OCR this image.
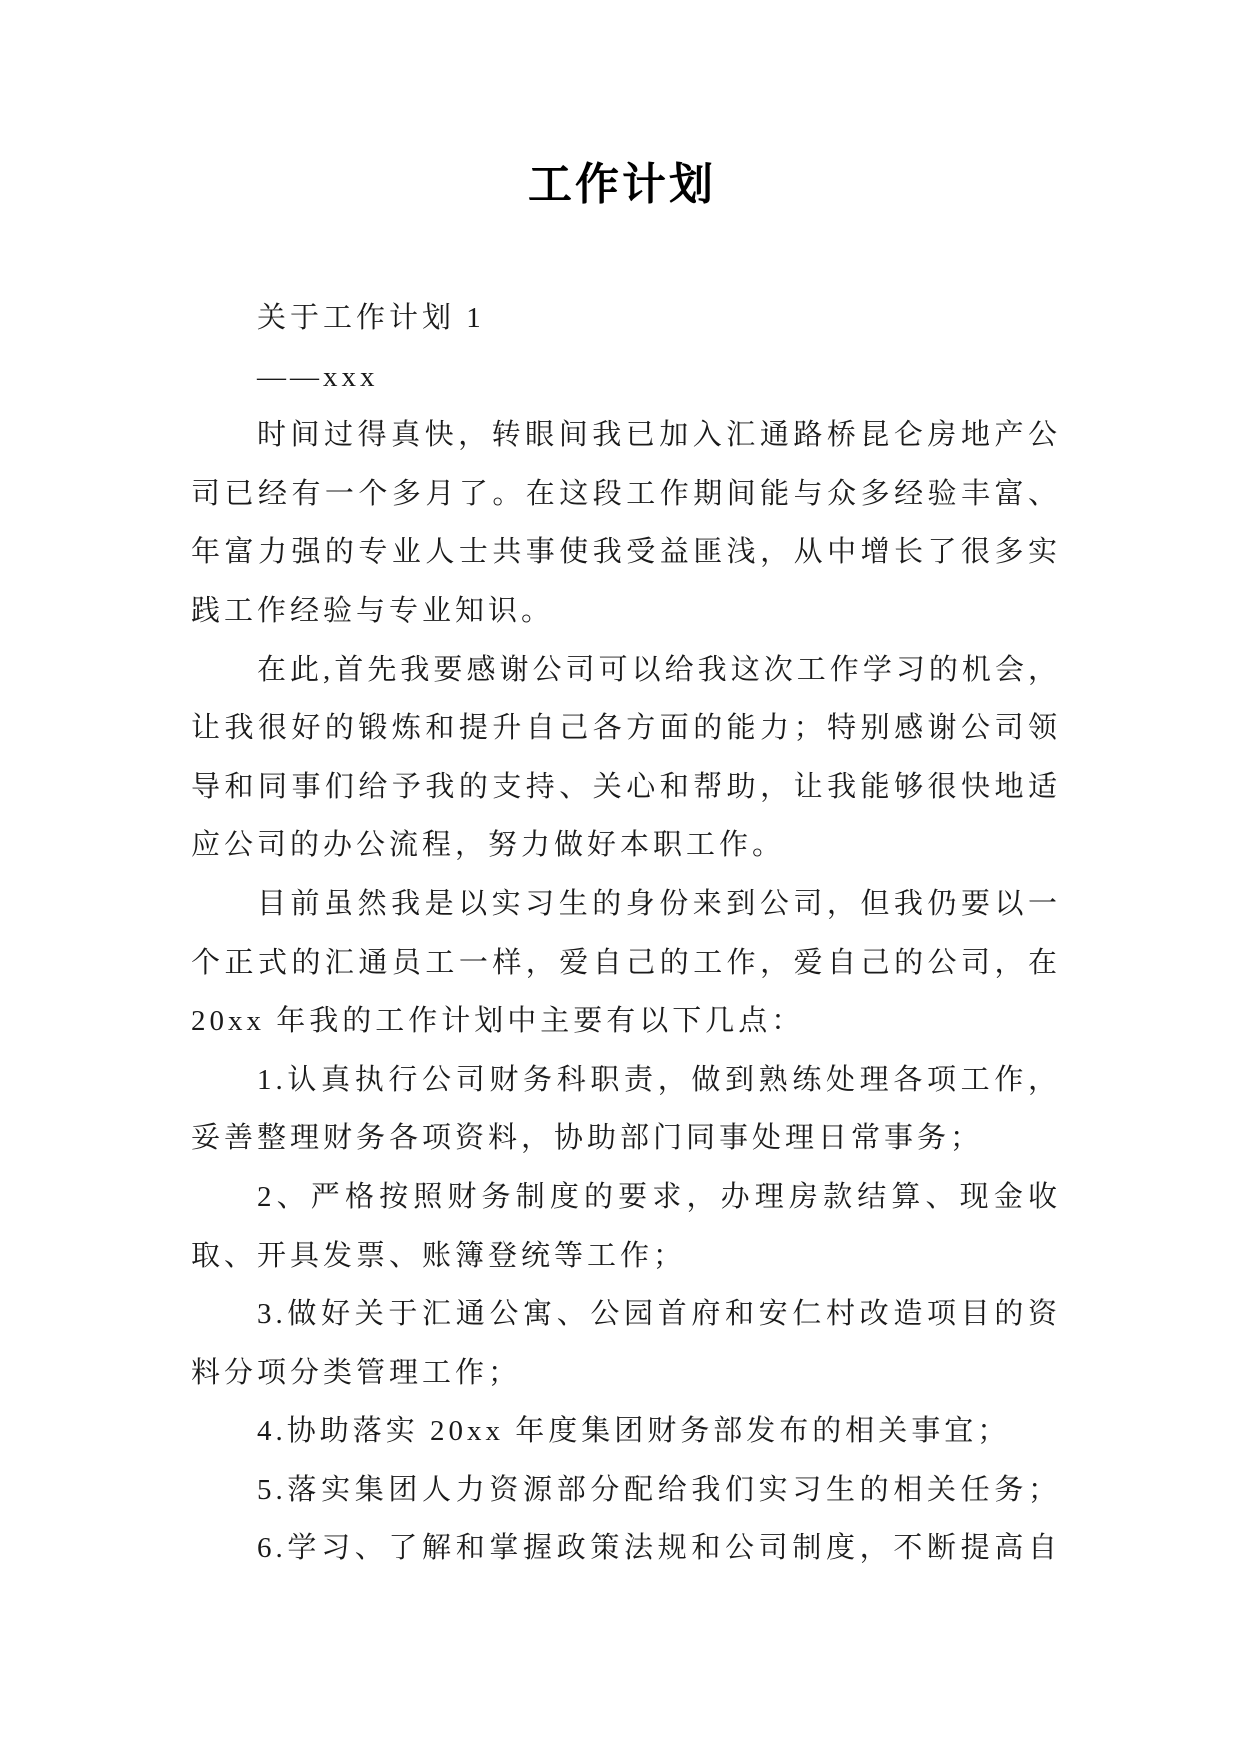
工作计划
关于工作计划 1
——xxx
时间过得真快，转眼间我已加入汇通路桥昆仑房地产公
司已经有一个多月了。在这段工作期间能与众多经验丰富、
年富力强的专业人士共事使我受益匪浅，从中增长了很多实
践工作经验与专业知识。
在此,首先我要感谢公司可以给我这次工作学习的机会，
让我很好的锻炼和提升自己各方面的能力；特别感谢公司领
导和同事们给予我的支持、关心和帮助，让我能够很快地适
应公司的办公流程，努力做好本职工作。
目前虽然我是以实习生的身份来到公司，但我仍要以一
个正式的汇通员工一样，爱自己的工作，爱自己的公司，在
20xx 年我的工作计划中主要有以下几点：
1.认真执行公司财务科职责，做到熟练处理各项工作，
妥善整理财务各项资料，协助部门同事处理日常事务；
2、严格按照财务制度的要求，办理房款结算、现金收
取、开具发票、账簿登统等工作；
3.做好关于汇通公寓、公园首府和安仁村改造项目的资
料分项分类管理工作；
4.协助落实 20xx 年度集团财务部发布的相关事宜；
5.落实集团人力资源部分配给我们实习生的相关任务；
6.学习、了解和掌握政策法规和公司制度，不断提高自
